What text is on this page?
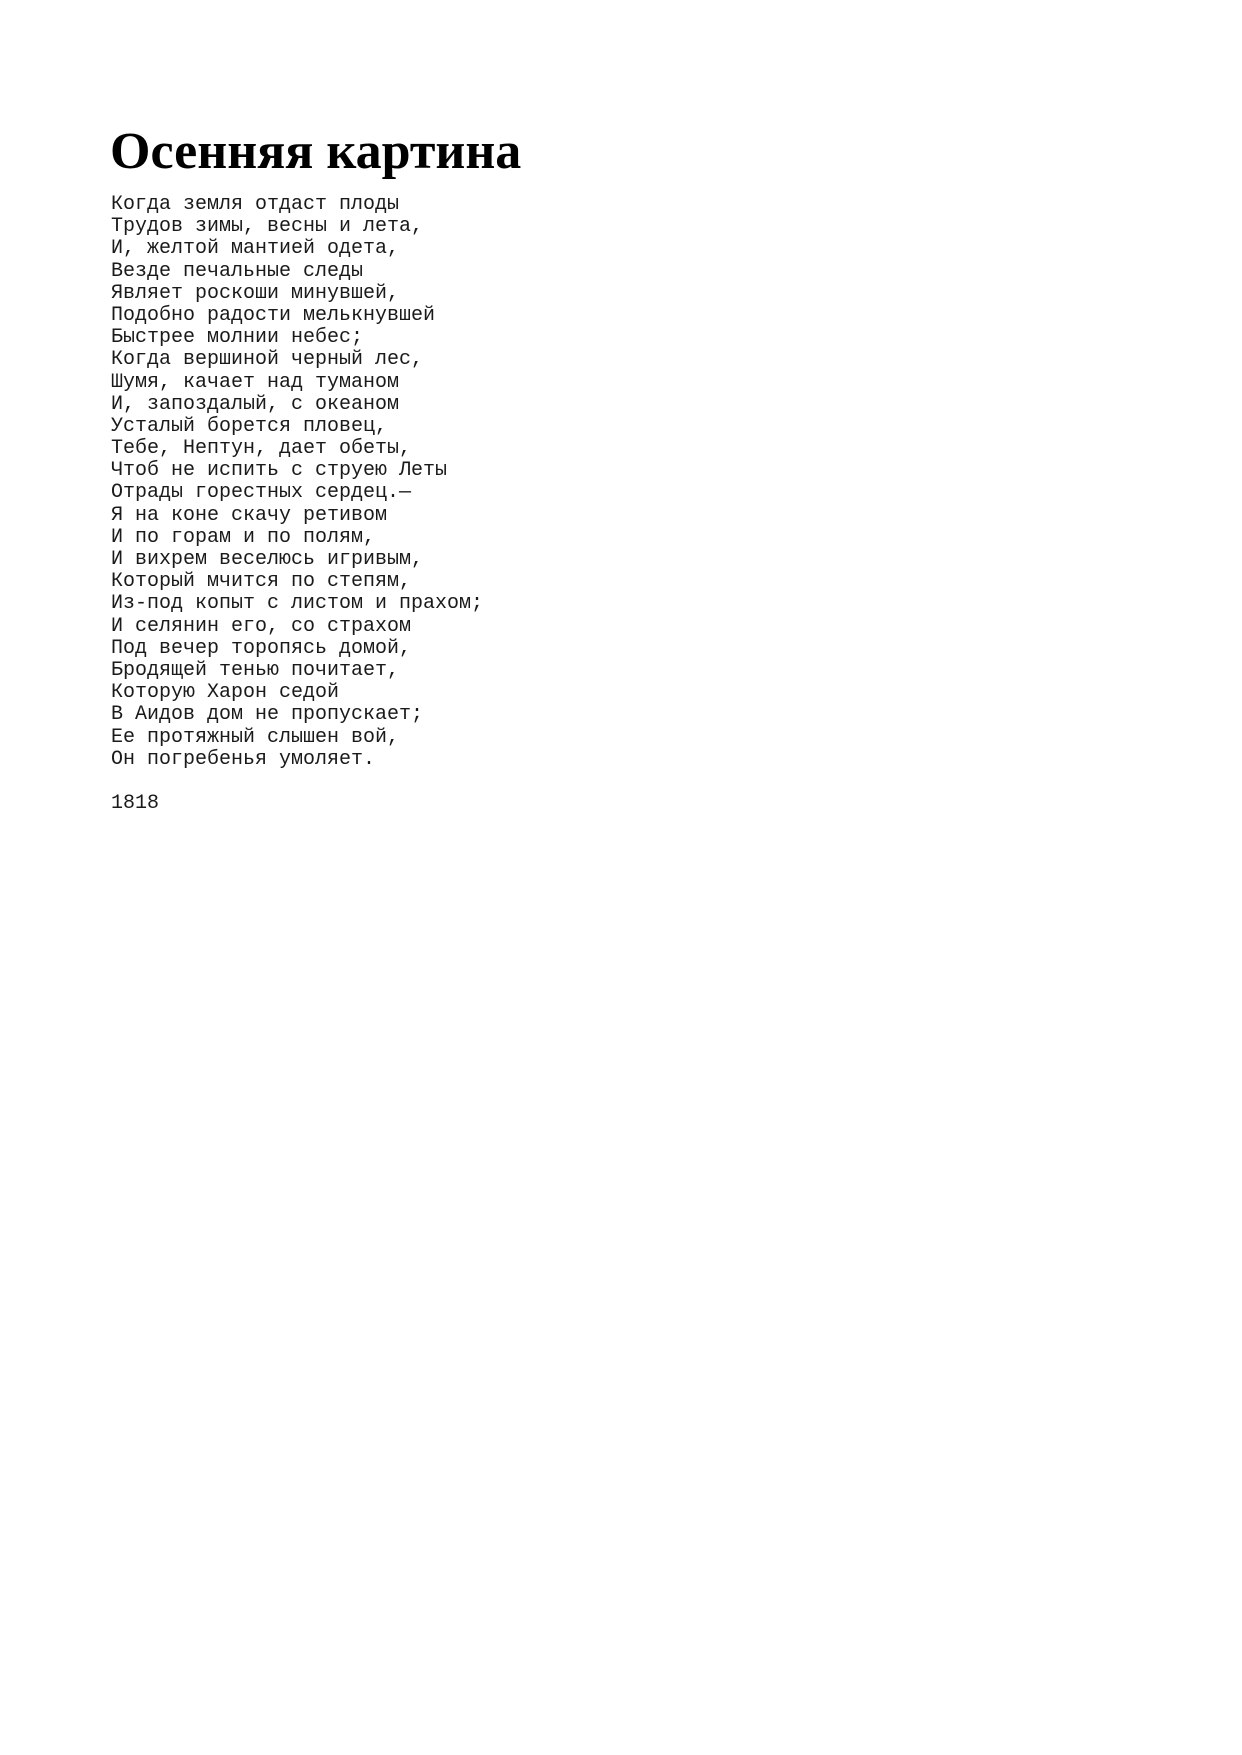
Осенняя картина
Когда земля отдаст плоды
Трудов зимы, весны и лета,
И, желтой мантией одета,
Везде печальные следы
Являет роскоши минувшей,
Подобно радости мелькнувшей
Быстрее молнии небес;
Когда вершиной черный лес,
Шумя, качает над туманом
И, запоздалый, с океаном
Усталый борется пловец,
Тебе, Нептун, дает обеты,
Чтоб не испить с струею Леты
Отрады горестных сердец.—
Я на коне скачу ретивом
И по горам и по полям,
И вихрем веселюсь игривым,
Который мчится по степям,
Из-под копыт с листом и прахом;
И селянин его, со страхом
Под вечер торопясь домой,
Бродящей тенью почитает,
Которую Харон седой
В Аидов дом не пропускает;
Ее протяжный слышен вой,
Он погребенья умоляет.

1818
